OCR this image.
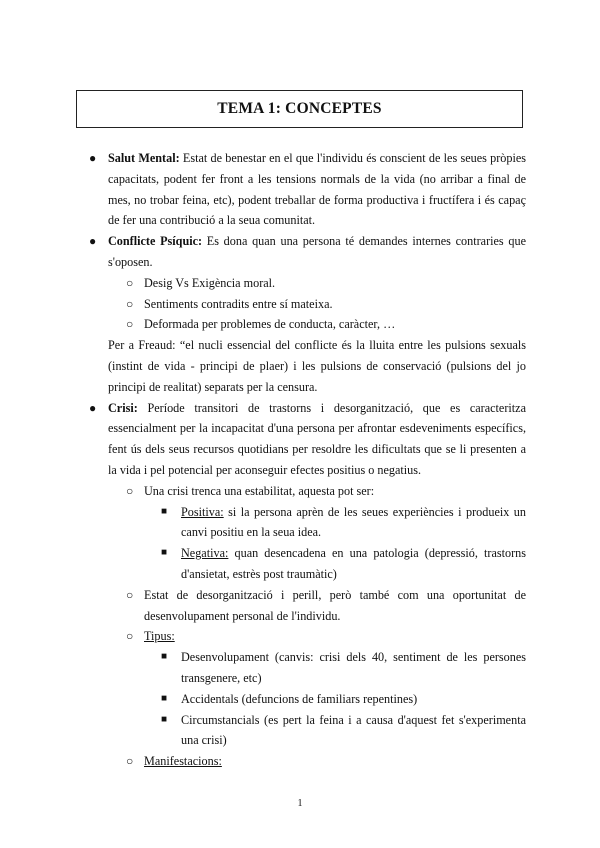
TEMA 1: CONCEPTES

● Salut Mental: Estat de benestar en el que l'individu és conscient de les seues pròpies capacitats, podent fer front a les tensions normals de la vida (no arribar a final de mes, no trobar feina, etc), podent treballar de forma productiva i fructífera i és capaç de fer una contribució a la seua comunitat.

● Conflicte Psíquic: Es dona quan una persona té demandes internes contraries que s'oposen.

○ Desig Vs Exigència moral.

○ Sentiments contradits entre sí mateixa.

○ Deformada per problemes de conducta, caràcter, …

Per a Freaud: “el nucli essencial del conflicte és la lluita entre les pulsions sexuals (instint de vida - principi de plaer) i les pulsions de conservació (pulsions del jo principi de realitat) separats per la censura.

● Crisi: Període transitori de trastorns i desorganització, que es caracteritza essencialment per la incapacitat d'una persona per afrontar esdeveniments específics, fent ús dels seus recursos quotidians per resoldre les dificultats que se li presenten a la vida i pel potencial per aconseguir efectes positius o negatius.

○ Una crisi trenca una estabilitat, aquesta pot ser:

■ Positiva: si la persona aprèn de les seues experiències i produeix un canvi positiu en la seua idea.

■ Negativa: quan desencadena en una patologia (depressió, trastorns d'ansietat, estrès post traumàtic)

○ Estat de desorganització i perill, però també com una oportunitat de desenvolupament personal de l'individu.

○ Tipus:

■ Desenvolupament (canvis: crisi dels 40, sentiment de les persones transgenere, etc)

■ Accidentals (defuncions de familiars repentines)

■ Circumstancials (es pert la feina i a causa d'aquest fet s'experimenta una crisi)

○ Manifestacions:

1
